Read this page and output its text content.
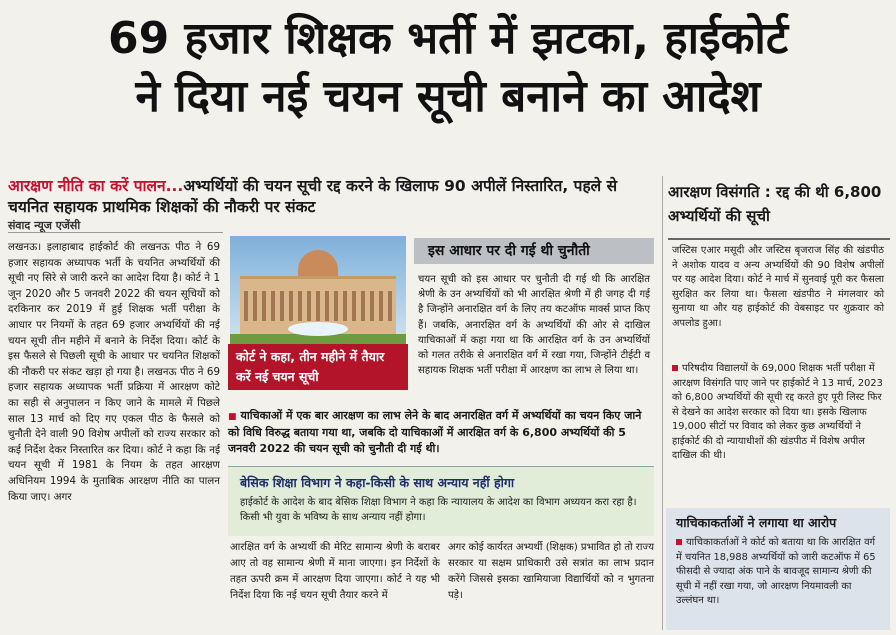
69 हजार शिक्षक भर्ती में झटका, हाईकोर्ट
ने दिया नई चयन सूची बनाने का आदेश
आरक्षण नीति का करें पालन...अभ्यर्थियों की चयन सूची रद्द करने के खिलाफ 90 अपीलें निस्तारित, पहले से चयनित सहायक प्राथमिक शिक्षकों की नौकरी पर संकट
संवाद न्यूज एजेंसी
लखनऊ। इलाहाबाद हाईकोर्ट की लखनऊ पीठ ने 69 हजार सहायक अध्यापक भर्ती के चयनित अभ्यर्थियों की सूची नए सिरे से जारी करने का आदेश दिया है। कोर्ट ने 1 जून 2020 और 5 जनवरी 2022 की चयन सूचियों को दरकिनार कर 2019 में हुई शिक्षक भर्ती परीक्षा के आधार पर नियमों के तहत 69 हजार अभ्यर्थियों की नई चयन सूची तीन महीने में बनाने के निर्देश दिया। कोर्ट के इस फैसले से पिछली सूची के आधार पर चयनित शिक्षकों की नौकरी पर संकट खड़ा हो गया है। लखनऊ पीठ ने 69 हजार सहायक अध्यापक भर्ती प्रक्रिया में आरक्षण कोटे का सही से अनुपालन न किए जाने के मामले में पिछले साल 13 मार्च को दिए गए एकल पीठ के फैसले को चुनौती देने वाली 90 विशेष अपीलों को राज्य सरकार को कई निर्देश देकर निस्तारित कर दिया। कोर्ट ने कहा कि नई चयन सूची में 1981 के नियम के तहत आरक्षण अधिनियम 1994 के मुताबिक आरक्षण नीति का पालन किया जाए। अगर
कोर्ट ने कहा, तीन महीने में तैयार करें नई चयन सूची
इस आधार पर दी गई थी चुनौती
चयन सूची को इस आधार पर चुनौती दी गई थी कि आरक्षित श्रेणी के उन अभ्यर्थियों को भी आरक्षित श्रेणी में ही जगह दी गई है जिन्होंने अनारक्षित वर्ग के लिए तय कटऑफ मार्क्स प्राप्त किए हैं। जबकि, अनारक्षित वर्ग के अभ्यर्थियों की ओर से दाखिल याचिकाओं में कहा गया था कि आरक्षित वर्ग के उन अभ्यर्थियों को गलत तरीके से अनारक्षित वर्ग में रखा गया, जिन्होंने टीईटी व सहायक शिक्षक भर्ती परीक्षा में आरक्षण का लाभ ले लिया था।
■ याचिकाओं में एक बार आरक्षण का लाभ लेने के बाद अनारक्षित वर्ग में अभ्यर्थियों का चयन किए जाने को विधि विरुद्ध बताया गया था, जबकि दो याचिकाओं में आरक्षित वर्ग के 6,800 अभ्यर्थियों की 5 जनवरी 2022 की चयन सूची को चुनौती दी गई थी।
बेसिक शिक्षा विभाग ने कहा-किसी के साथ अन्याय नहीं होगा
हाईकोर्ट के आदेश के बाद बेसिक शिक्षा विभाग ने कहा कि न्यायालय के आदेश का विभाग अध्ययन करा रहा है। किसी भी युवा के भविष्य के साथ अन्याय नहीं होगा।
आरक्षित वर्ग के अभ्यर्थी की मेरिट सामान्य श्रेणी के बराबर आए तो वह सामान्य श्रेणी में माना जाएगा। इन निर्देशों के तहत ऊपरी क्रम में आरक्षण दिया जाएगा। कोर्ट ने यह भी निर्देश दिया कि नई चयन सूची तैयार करने में
अगर कोई कार्यरत अभ्यर्थी (शिक्षक) प्रभावित हो तो राज्य सरकार या सक्षम प्राधिकारी उसे सत्रांत का लाभ प्रदान करेंगे जिससे इसका खामियाजा विद्यार्थियों को न भुगतना पड़े।
आरक्षण विसंगति : रद्द की थी 6,800 अभ्यर्थियों की सूची
जस्टिस एआर मसूदी और जस्टिस बृजराज सिंह की खंडपीठ ने अशोक यादव व अन्य अभ्यर्थियों की 90 विशेष अपीलों पर यह आदेश दिया। कोर्ट ने मार्च में सुनवाई पूरी कर फैसला सुरक्षित कर लिया था। फैसला खंडपीठ ने मंगलवार को सुनाया था और यह हाईकोर्ट की वेबसाइट पर शुक्रवार को अपलोड हुआ।
परिषदीय विद्यालयों के 69,000 शिक्षक भर्ती परीक्षा में आरक्षण विसंगति पाए जाने पर हाईकोर्ट ने 13 मार्च, 2023 को 6,800 अभ्यर्थियों की सूची रद्द करते हुए पूरी लिस्ट फिर से देखने का आदेश सरकार को दिया था। इसके खिलाफ 19,000 सीटों पर विवाद को लेकर कुछ अभ्यर्थियों ने हाईकोर्ट की दो न्यायाधीशों की खंडपीठ में विशेष अपील दाखिल की थी।
याचिकाकर्ताओं ने लगाया था आरोप
याचिकाकर्ताओं ने कोर्ट को बताया था कि आरक्षित वर्ग में चयनित 18,988 अभ्यर्थियों को जारी कटऑफ में 65 फीसदी से ज्यादा अंक पाने के बावजूद सामान्य श्रेणी की सूची में नहीं रखा गया, जो आरक्षण नियमावली का उल्लंघन था।
